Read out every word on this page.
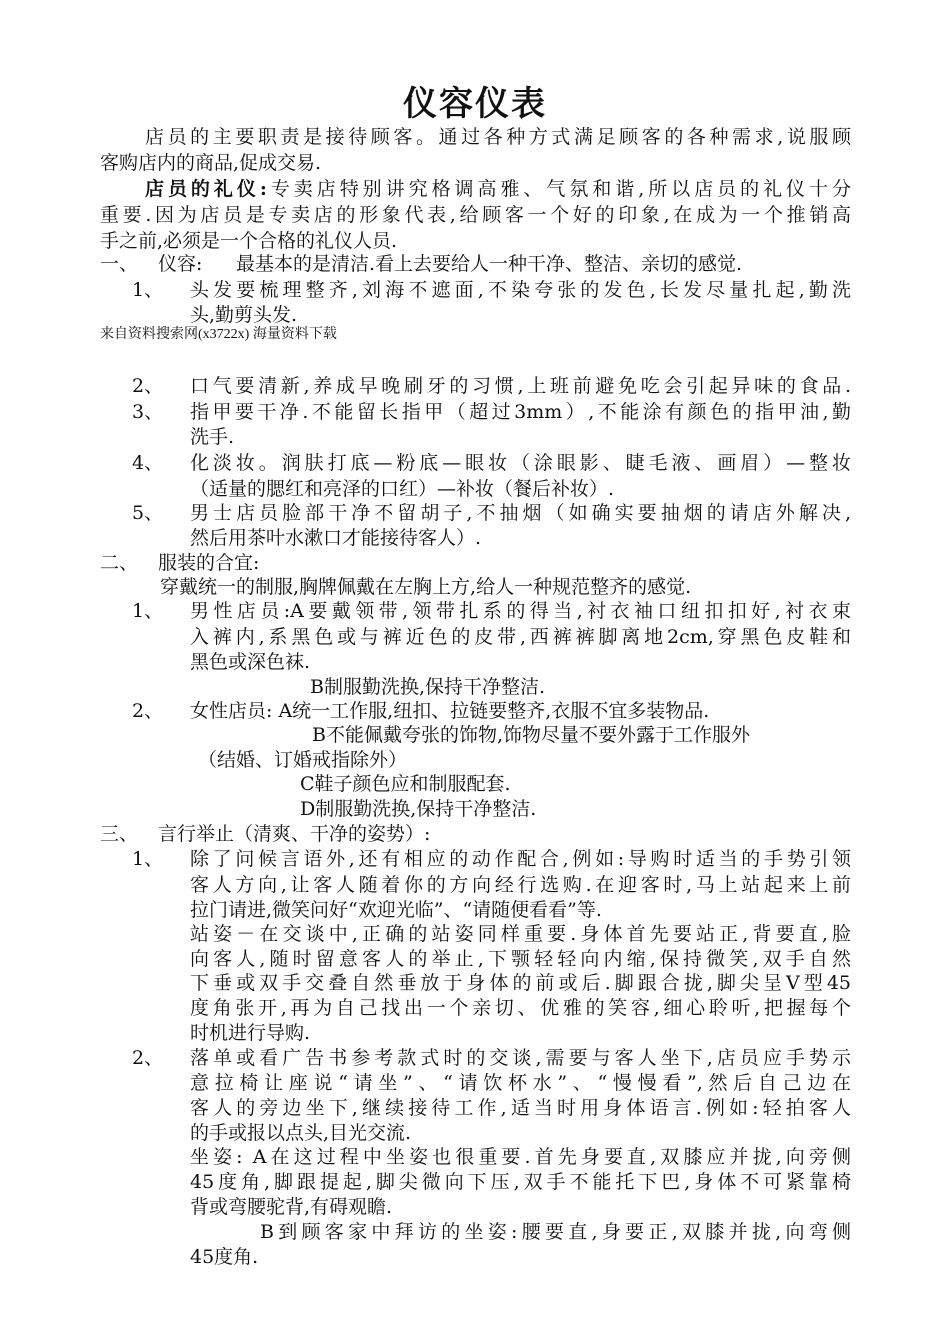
仪容仪表
店员的主要职责是接待顾客。通过各种方式满足顾客的各种需求,说服顾
客购店内的商品,促成交易.
店员的礼仪:专卖店特别讲究格调高雅、气氛和谐,所以店员的礼仪十分
重要.因为店员是专卖店的形象代表,给顾客一个好的印象,在成为一个推销高
手之前,必须是一个合格的礼仪人员.
一、 仪容: 最基本的是清洁.看上去要给人一种干净、整洁、亲切的感觉.
1、 头发要梳理整齐,刘海不遮面,不染夸张的发色,长发尽量扎起,勤洗
头,勤剪头发.
来自资料搜索网(x3722x) 海量资料下载
2、 口气要清新,养成早晚刷牙的习惯,上班前避免吃会引起异味的食品.
3、 指甲要干净.不能留长指甲（超过3mm）,不能涂有颜色的指甲油,勤
洗手.
4、 化淡妆。润肤打底—粉底—眼妆（涂眼影、睫毛液、画眉）—整妆
（适量的腮红和亮泽的口红）—补妆（餐后补妆）.
5、 男士店员脸部干净不留胡子,不抽烟（如确实要抽烟的请店外解决,
然后用茶叶水漱口才能接待客人）.
二、 服装的合宜:
穿戴统一的制服,胸牌佩戴在左胸上方,给人一种规范整齐的感觉.
1、 男性店员:A要戴领带,领带扎系的得当,衬衣袖口纽扣扣好,衬衣束
入裤内,系黑色或与裤近色的皮带,西裤裤脚离地2cm,穿黑色皮鞋和
黑色或深色袜.
B制服勤洗换,保持干净整洁.
2、 女性店员: A统一工作服,纽扣、拉链要整齐,衣服不宜多装物品.
B不能佩戴夸张的饰物,饰物尽量不要外露于工作服外
（结婚、订婚戒指除外）
C鞋子颜色应和制服配套.
D制服勤洗换,保持干净整洁.
三、 言行举止（清爽、干净的姿势）:
1、 除了问候言语外,还有相应的动作配合,例如:导购时适当的手势引领
客人方向,让客人随着你的方向经行选购.在迎客时,马上站起来上前
拉门请进,微笑问好“欢迎光临”、“请随便看看”等.
站姿－在交谈中,正确的站姿同样重要.身体首先要站正,背要直,脸
向客人,随时留意客人的举止,下颚轻轻向内缩,保持微笑,双手自然
下垂或双手交叠自然垂放于身体的前或后.脚跟合拢,脚尖呈V型45
度角张开,再为自己找出一个亲切、优雅的笑容,细心聆听,把握每个
时机进行导购.
2、 落单或看广告书参考款式时的交谈,需要与客人坐下,店员应手势示
意拉椅让座说“请坐”、“请饮杯水”、“慢慢看”,然后自己边在
客人的旁边坐下,继续接待工作,适当时用身体语言.例如:轻拍客人
的手或报以点头,目光交流.
坐姿: A在这过程中坐姿也很重要.首先身要直,双膝应并拢,向旁侧
45度角,脚跟提起,脚尖微向下压,双手不能托下巴,身体不可紧靠椅
背或弯腰驼背,有碍观瞻.
B到顾客家中拜访的坐姿:腰要直,身要正,双膝并拢,向弯侧
45度角.
